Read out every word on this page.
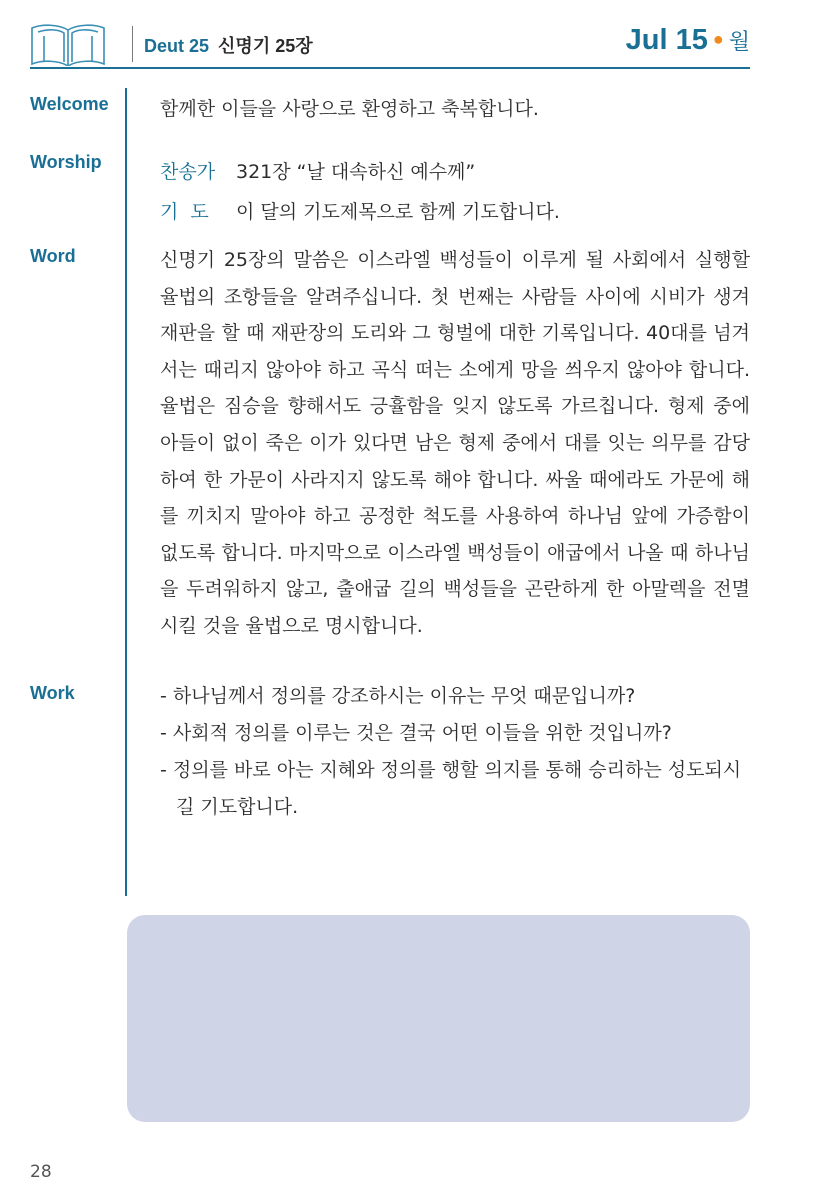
Deut 25 신명기 25장	Jul 15 ● 월
Welcome	함께한 이들을 사랑으로 환영하고 축복합니다.
Worship	찬송가 321장 “날 대속하신 예수께”
기  도 이 달의 기도제목으로 함께 기도합니다.
Word	신명기 25장의 말씀은 이스라엘 백성들이 이루게 될 사회에서 실행할 율법의 조항들을 알려주십니다. 첫 번째는 사람들 사이에 시비가 생겨 재판을 할 때 재판장의 도리와 그 형벌에 대한 기록입니다. 40대를 넘겨서는 때리지 않아야 하고 곡식 떠는 소에게 망을 씌우지 않아야 합니다. 율법은 짐승을 향해서도 긍휼함을 잊지 않도록 가르칩니다. 형제 중에 아들이 없이 죽은 이가 있다면 남은 형제 중에서 대를 잇는 의무를 감당하여 한 가문이 사라지지 않도록 해야 합니다. 싸울 때에라도 가문에 해를 끼치지 말아야 하고 공정한 척도를 사용하여 하나님 앞에 가증함이 없도록 합니다. 마지막으로 이스라엘 백성들이 애굽에서 나올 때 하나님을 두려워하지 않고, 출애굽 길의 백성들을 곤란하게 한 아말렉을 전멸시킬 것을 율법으로 명시합니다.
Work	- 하나님께서 정의를 강조하시는 이유는 무엇 때문입니까?
- 사회적 정의를 이루는 것은 결국 어떤 이들을 위한 것입니까?
- 정의를 바로 아는 지혜와 정의를 행할 의지를 통해 승리하는 성도되시길 기도합니다.
28
